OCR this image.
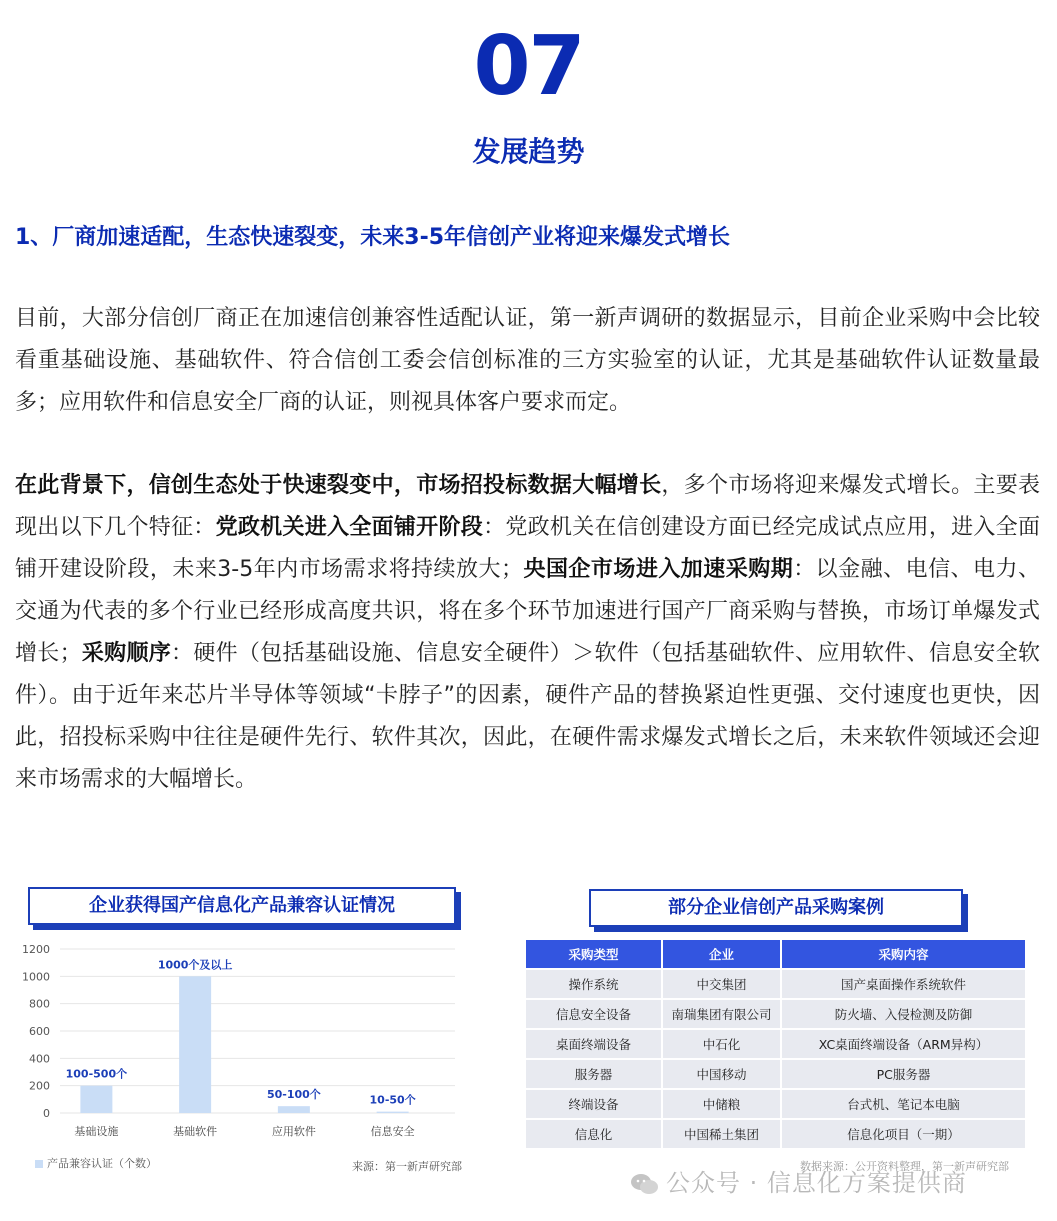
07
发展趋势
1、厂商加速适配，生态快速裂变，未来3-5年信创产业将迎来爆发式增长
目前，大部分信创厂商正在加速信创兼容性适配认证，第一新声调研的数据显示，目前企业采购中会比较看重基础设施、基础软件、符合信创工委会信创标准的三方实验室的认证，尤其是基础软件认证数量最多；应用软件和信息安全厂商的认证，则视具体客户要求而定。
在此背景下，信创生态处于快速裂变中，市场招投标数据大幅增长，多个市场将迎来爆发式增长。主要表现出以下几个特征：党政机关进入全面铺开阶段：党政机关在信创建设方面已经完成试点应用，进入全面铺开建设阶段，未来3-5年内市场需求将持续放大；央国企市场进入加速采购期：以金融、电信、电力、交通为代表的多个行业已经形成高度共识，将在多个环节加速进行国产厂商采购与替换，市场订单爆发式增长；采购顺序：硬件（包括基础设施、信息安全硬件）＞软件（包括基础软件、应用软件、信息安全软件）。由于近年来芯片半导体等领域“卡脖子”的因素，硬件产品的替换紧迫性更强、交付速度也更快，因此，招投标采购中往往是硬件先行、软件其次，因此，在硬件需求爆发式增长之后，未来软件领域还会迎来市场需求的大幅增长。
企业获得国产信息化产品兼容认证情况
0
200
400
600
800
1000
1200
100-500个
基础设施
1000个及以上
基础软件
50-100个
应用软件
10-50个
信息安全
产品兼容认证（个数）	来源：第一新声研究部
部分企业信创产品采购案例
采购类型	企业	采购内容
操作系统	中交集团	国产桌面操作系统软件
信息安全设备	南瑞集团有限公司	防火墙、入侵检测及防御
桌面终端设备	中石化	XC桌面终端设备（ARM异构）
服务器	中国移动	PC服务器
终端设备	中储粮	台式机、笔记本电脑
信息化	中国稀土集团	信息化项目（一期）
数据来源：公开资料整理，第一新声研究部
公众号 · 信息化方案提供商
